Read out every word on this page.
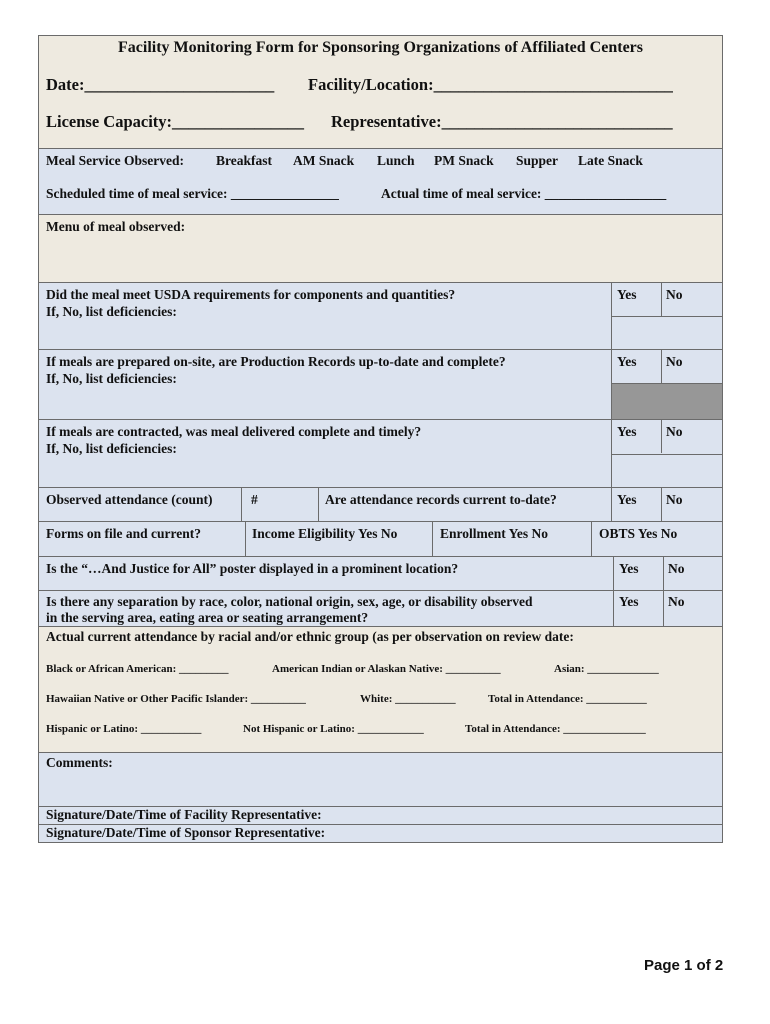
Facility Monitoring Form for Sponsoring Organizations of Affiliated Centers
Date:_______________________ Facility/Location:_____________________________
License Capacity:________________ Representative:____________________________
Meal Service Observed: Breakfast AM Snack Lunch PM Snack Supper Late Snack
Scheduled time of meal service: ________________	Actual time of meal service: __________________
Menu of meal observed:
Did the meal meet USDA requirements for components and quantities?
If, No, list deficiencies:
Yes No
If meals are prepared on-site, are Production Records up-to-date and complete?
If, No, list deficiencies:
Yes No
If meals are contracted, was meal delivered complete and timely?
If, No, list deficiencies:
Yes No
Observed attendance (count)	#	Are attendance records current to-date?	Yes No
Forms on file and current?	Income Eligibility Yes No	Enrollment Yes No	OBTS Yes No
Is the “…And Justice for All” poster displayed in a prominent location?	Yes No
Is there any separation by race, color, national origin, sex, age, or disability observed
in the serving area, eating area or seating arrangement?
Yes No
Actual current attendance by racial and/or ethnic group (as per observation on review date:
Black or African American: _________	American Indian or Alaskan Native: __________	Asian: _____________
Hawaiian Native or Other Pacific Islander: __________	White: ___________	Total in Attendance: ___________
Hispanic or Latino: ___________	Not Hispanic or Latino: ____________	Total in Attendance: _______________
Comments:
Signature/Date/Time of Facility Representative:
Signature/Date/Time of Sponsor Representative:
Page 1 of 2
